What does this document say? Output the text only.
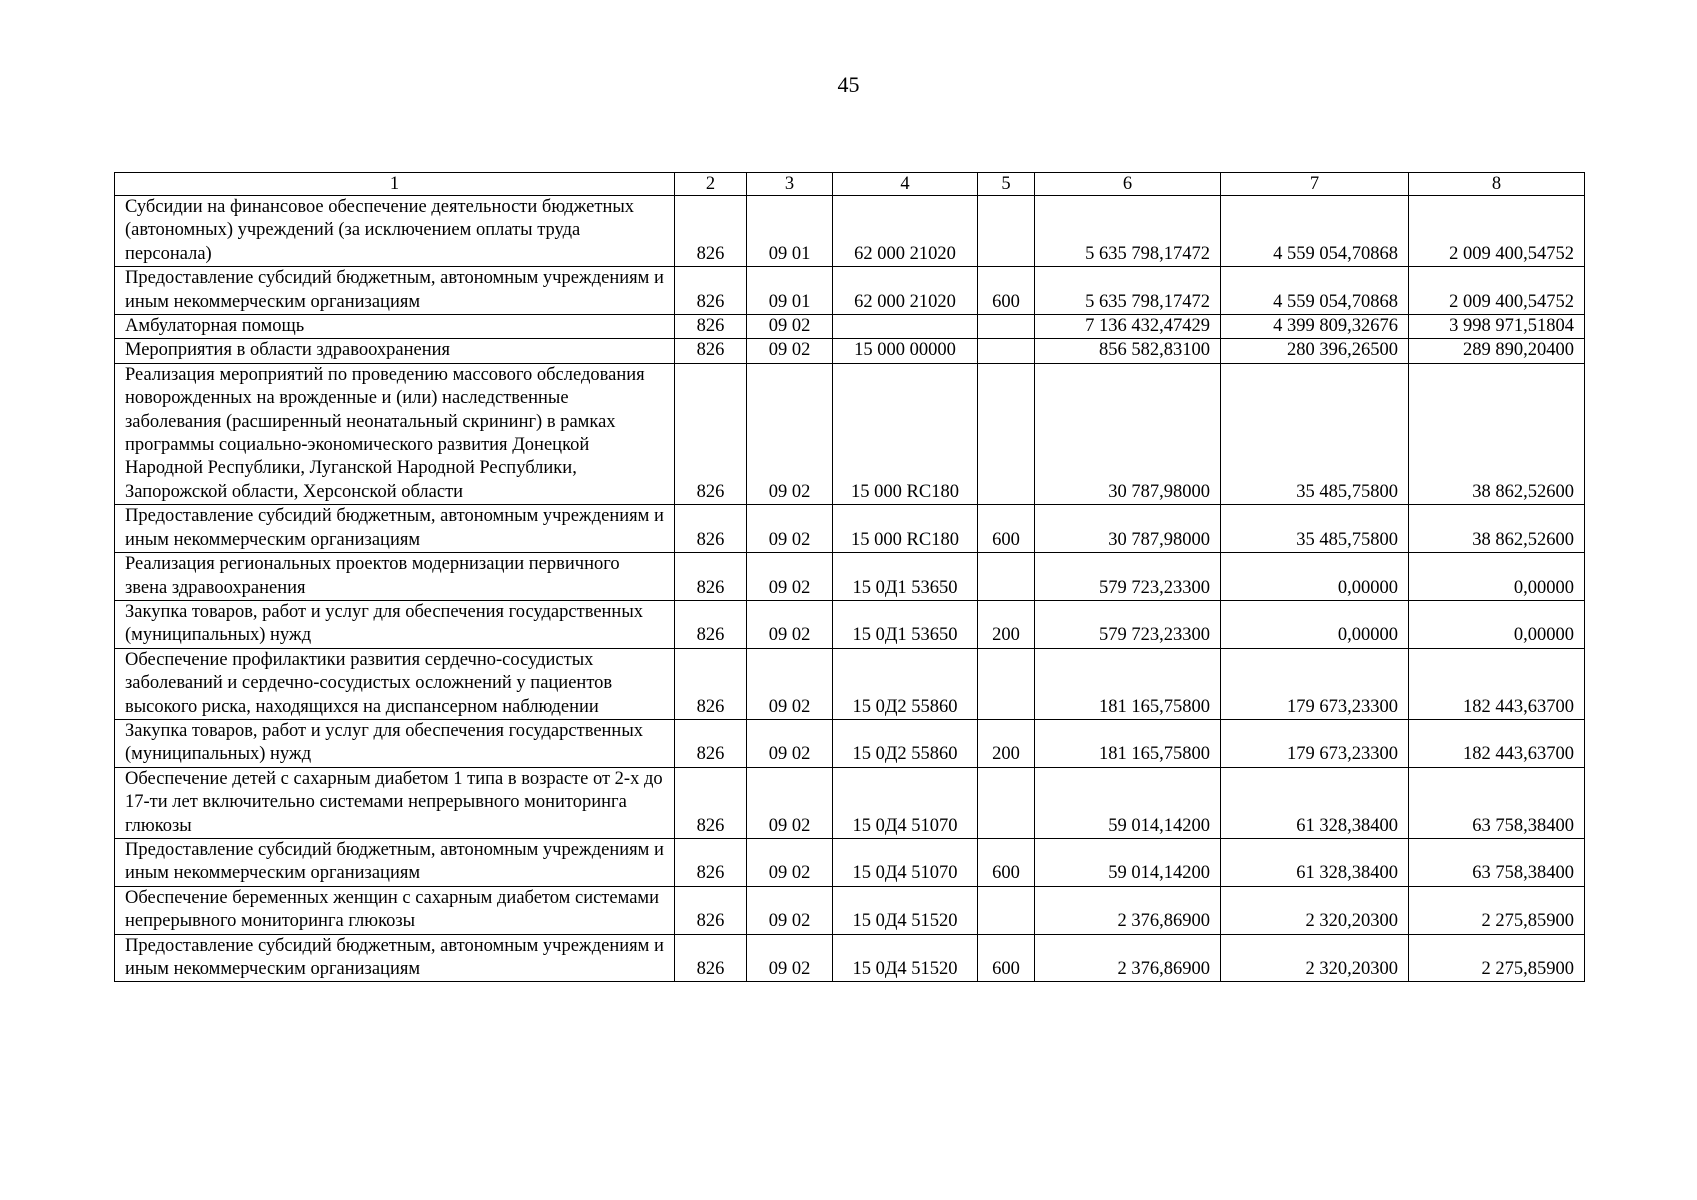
45
1	2	3	4	5	6	7	8
Субсидии на финансовое обеспечение деятельности бюджетных (автономных) учреждений (за исключением оплаты труда персонала)	826	09 01	62 000 21020		5 635 798,17472	4 559 054,70868	2 009 400,54752
Предоставление субсидий бюджетным, автономным учреждениям и иным некоммерческим организациям	826	09 01	62 000 21020	600	5 635 798,17472	4 559 054,70868	2 009 400,54752
Амбулаторная помощь	826	09 02			7 136 432,47429	4 399 809,32676	3 998 971,51804
Мероприятия в области здравоохранения	826	09 02	15 000 00000		856 582,83100	280 396,26500	289 890,20400
Реализация мероприятий по проведению массового обследования новорожденных на врожденные и (или) наследственные заболевания (расширенный неонатальный скрининг) в рамках программы социально-экономического развития Донецкой Народной Республики, Луганской Народной Республики, Запорожской области, Херсонской области	826	09 02	15 000 RC180		30 787,98000	35 485,75800	38 862,52600
Предоставление субсидий бюджетным, автономным учреждениям и иным некоммерческим организациям	826	09 02	15 000 RC180	600	30 787,98000	35 485,75800	38 862,52600
Реализация региональных проектов модернизации первичного звена здравоохранения	826	09 02	15 0Д1 53650		579 723,23300	0,00000	0,00000
Закупка товаров, работ и услуг для обеспечения государственных (муниципальных) нужд	826	09 02	15 0Д1 53650	200	579 723,23300	0,00000	0,00000
Обеспечение профилактики развития сердечно-сосудистых заболеваний и сердечно-сосудистых осложнений у пациентов высокого риска, находящихся на диспансерном наблюдении	826	09 02	15 0Д2 55860		181 165,75800	179 673,23300	182 443,63700
Закупка товаров, работ и услуг для обеспечения государственных (муниципальных) нужд	826	09 02	15 0Д2 55860	200	181 165,75800	179 673,23300	182 443,63700
Обеспечение детей с сахарным диабетом 1 типа в возрасте от 2-х до 17-ти лет включительно системами непрерывного мониторинга глюкозы	826	09 02	15 0Д4 51070		59 014,14200	61 328,38400	63 758,38400
Предоставление субсидий бюджетным, автономным учреждениям и иным некоммерческим организациям	826	09 02	15 0Д4 51070	600	59 014,14200	61 328,38400	63 758,38400
Обеспечение беременных женщин с сахарным диабетом системами непрерывного мониторинга глюкозы	826	09 02	15 0Д4 51520		2 376,86900	2 320,20300	2 275,85900
Предоставление субсидий бюджетным, автономным учреждениям и иным некоммерческим организациям	826	09 02	15 0Д4 51520	600	2 376,86900	2 320,20300	2 275,85900
